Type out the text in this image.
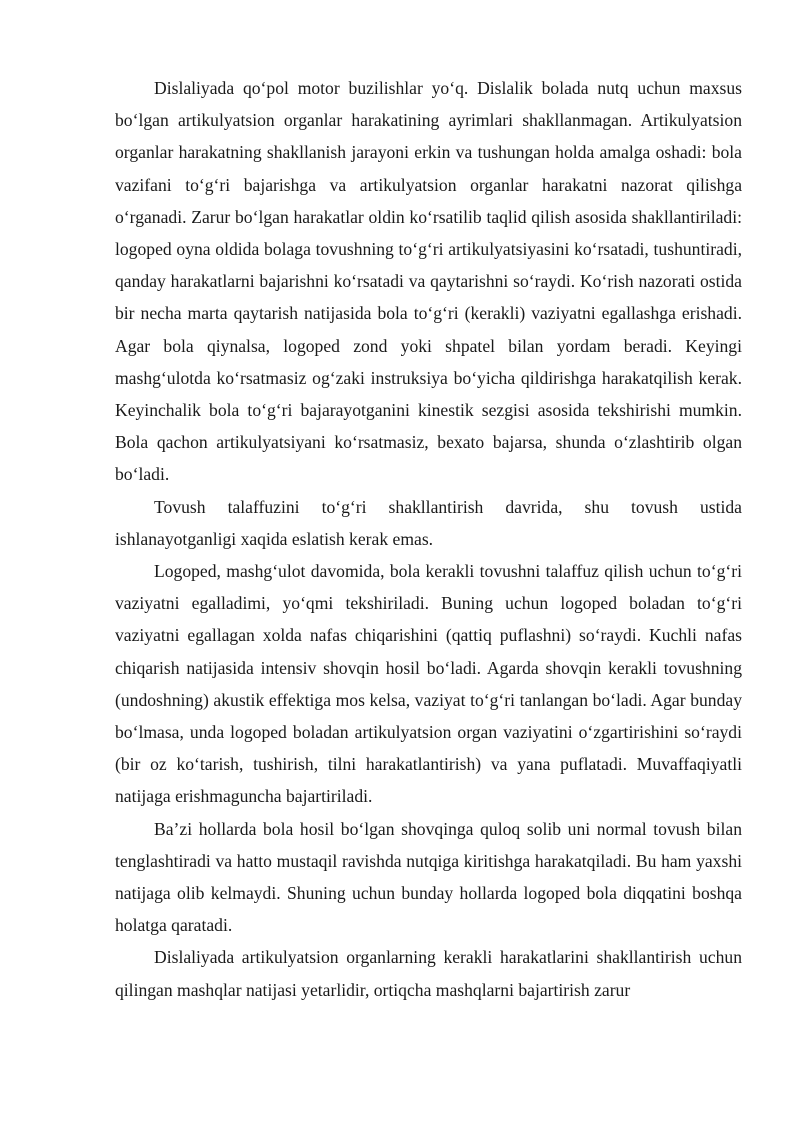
Dislaliyada qo‘pol motor buzilishlar yo‘q. Dislalik bolada nutq uchun maxsus bo‘lgan artikulyatsion organlar harakatining ayrimlari shakllanmagan. Artikulyatsion organlar harakatning shakllanish jarayoni erkin va tushungan holda amalga oshadi: bola vazifani to‘g‘ri bajarishga va artikulyatsion organlar harakatni nazorat qilishga o‘rganadi. Zarur bo‘lgan harakatlar oldin ko‘rsatilib taqlid qilish asosida shakllantiriladi: logoped oyna oldida bolaga tovushning to‘g‘ri artikulyatsiyasini ko‘rsatadi, tushuntiradi, qanday harakatlarni bajarishni ko‘rsatadi va qaytarishni so‘raydi. Ko‘rish nazorati ostida bir necha marta qaytarish natijasida bola to‘g‘ri (kerakli) vaziyatni egallashga erishadi. Agar bola qiynalsa, logoped zond yoki shpatel bilan yordam beradi. Keyingi mashg‘ulotda ko‘rsatmasiz og‘zaki instruksiya bo‘yicha qildirishga harakatqilish kerak. Keyinchalik bola to‘g‘ri bajarayotganini kinestik sezgisi asosida tekshirishi mumkin. Bola qachon artikulyatsiyani ko‘rsatmasiz, bexato bajarsa, shunda o‘zlashtirib olgan bo‘ladi.

Tovush talaffuzini to‘g‘ri shakllantirish davrida, shu tovush ustida ishlanayotganligi xaqida eslatish kerak emas.

Logoped, mashg‘ulot davomida, bola kerakli tovushni talaffuz qilish uchun to‘g‘ri vaziyatni egalladimi, yo‘qmi tekshiriladi. Buning uchun logoped boladan to‘g‘ri vaziyatni egallagan xolda nafas chiqarishini (qattiq puflashni) so‘raydi. Kuchli nafas chiqarish natijasida intensiv shovqin hosil bo‘ladi. Agarda shovqin kerakli tovushning (undoshning) akustik effektiga mos kelsa, vaziyat to‘g‘ri tanlangan bo‘ladi. Agar bunday bo‘lmasa, unda logoped boladan artikulyatsion organ vaziyatini o‘zgartirishini so‘raydi (bir oz ko‘tarish, tushirish, tilni harakatlantirish) va yana puflatadi. Muvaffaqiyatli natijaga erishmaguncha bajartiriladi.

Ba’zi hollarda bola hosil bo‘lgan shovqinga quloq solib uni normal tovush bilan tenglashtiradi va hatto mustaqil ravishda nutqiga kiritishga harakatqiladi. Bu ham yaxshi natijaga olib kelmaydi. Shuning uchun bunday hollarda logoped bola diqqatini boshqa holatga qaratadi.

Dislaliyada artikulyatsion organlarning kerakli harakatlarini shakllantirish uchun qilingan mashqlar natijasi yetarlidir, ortiqcha mashqlarni bajartirish zarur
